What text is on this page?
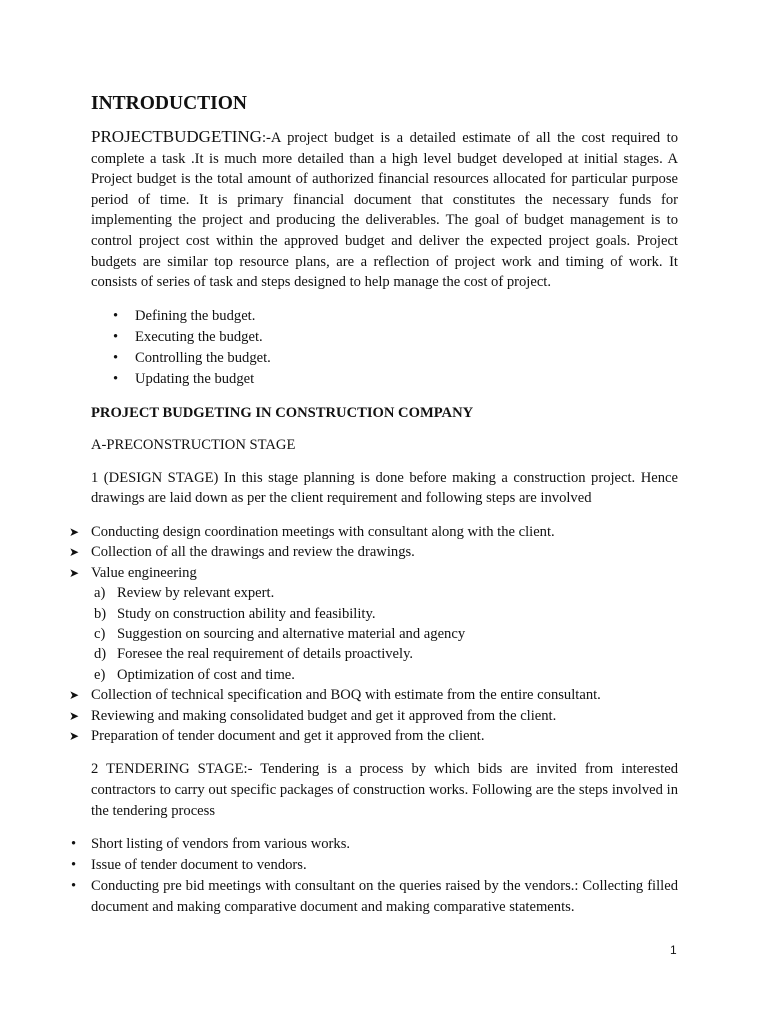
INTRODUCTION

PROJECTBUDGETING:-A project budget is a detailed estimate of all the cost required to complete a task .It is much more detailed than a high level budget developed at initial stages. A Project budget is the total amount of authorized financial resources allocated for particular purpose period of time. It is primary financial document that constitutes the necessary funds for implementing the project and producing the deliverables. The goal of budget management is to control project cost within the approved budget and deliver the expected project goals. Project budgets are similar top resource plans, are a reflection of project work and timing of work. It consists of series of task and steps designed to help manage the cost of project.

• Defining the budget.
• Executing the budget.
• Controlling the budget.
• Updating the budget

PROJECT BUDGETING IN CONSTRUCTION COMPANY

A-PRECONSTRUCTION STAGE

1 (DESIGN STAGE) In this stage planning is done before making a construction project. Hence drawings are laid down as per the client requirement and following steps are involved

➤ Conducting design coordination meetings with consultant along with the client.
➤ Collection of all the drawings and review the drawings.
➤ Value engineering
a) Review by relevant expert.
b) Study on construction ability and feasibility.
c) Suggestion on sourcing and alternative material and agency
d) Foresee the real requirement of details proactively.
e) Optimization of cost and time.
➤ Collection of technical specification and BOQ with estimate from the entire consultant.
➤ Reviewing and making consolidated budget and get it approved from the client.
➤ Preparation of tender document and get it approved from the client.

2 TENDERING STAGE:- Tendering is a process by which bids are invited from interested contractors to carry out specific packages of construction works. Following are the steps involved in the tendering process

• Short listing of vendors from various works.
• Issue of tender document to vendors.
• Conducting pre bid meetings with consultant on the queries raised by the vendors.: Collecting filled document and making comparative document and making comparative statements.
1
